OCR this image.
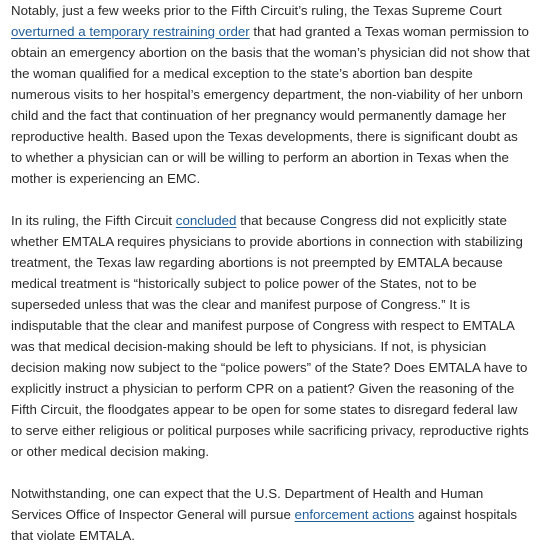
Notably, just a few weeks prior to the Fifth Circuit’s ruling, the Texas Supreme Court overturned a temporary restraining order that had granted a Texas woman permission to obtain an emergency abortion on the basis that the woman’s physician did not show that the woman qualified for a medical exception to the state’s abortion ban despite numerous visits to her hospital’s emergency department, the non-viability of her unborn child and the fact that continuation of her pregnancy would permanently damage her reproductive health. Based upon the Texas developments, there is significant doubt as to whether a physician can or will be willing to perform an abortion in Texas when the mother is experiencing an EMC.

In its ruling, the Fifth Circuit concluded that because Congress did not explicitly state whether EMTALA requires physicians to provide abortions in connection with stabilizing treatment, the Texas law regarding abortions is not preempted by EMTALA because medical treatment is “historically subject to police power of the States, not to be superseded unless that was the clear and manifest purpose of Congress.” It is indisputable that the clear and manifest purpose of Congress with respect to EMTALA was that medical decision-making should be left to physicians. If not, is physician decision making now subject to the “police powers” of the State? Does EMTALA have to explicitly instruct a physician to perform CPR on a patient? Given the reasoning of the Fifth Circuit, the floodgates appear to be open for some states to disregard federal law to serve either religious or political purposes while sacrificing privacy, reproductive rights or other medical decision making.

Notwithstanding, one can expect that the U.S. Department of Health and Human Services Office of Inspector General will pursue enforcement actions against hospitals that violate EMTALA.
